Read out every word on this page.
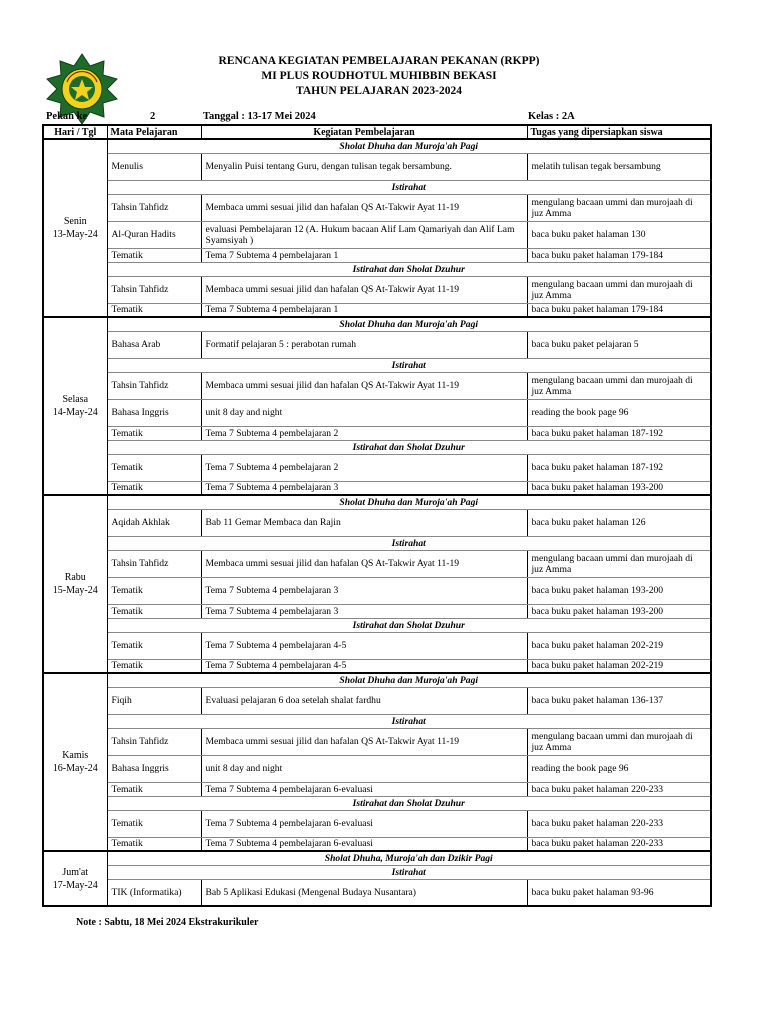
RENCANA KEGIATAN PEMBELAJARAN PEKANAN (RKPP)
MI PLUS ROUDHOTUL MUHIBBIN BEKASI
TAHUN PELAJARAN 2023-2024
Pekan ke	2	Tanggal : 13-17 Mei 2024	Kelas : 2A
Hari / Tgl	Mata Pelajaran	Kegiatan Pembelajaran	Tugas yang dipersiapkan siswa

Senin
13-May-24	Sholat Dhuha dan Muroja'ah Pagi		
	Menulis	Menyalin Puisi tentang Guru, dengan tulisan tegak bersambung.	melatih tulisan tegak bersambung
	Istirahat		
	Tahsin Tahfidz	Membaca ummi sesuai jilid dan hafalan QS At-Takwir Ayat 11-19	mengulang bacaan ummi dan murojaah di juz Amma
	Al-Quran Hadits	evaluasi Pembelajaran 12 (A. Hukum bacaan Alif Lam Qamariyah dan Alif Lam Syamsiyah )	baca buku paket halaman 130
	Tematik	Tema 7 Subtema 4 pembelajaran 1	baca buku paket halaman 179-184
	Istirahat dan Sholat Dzuhur		
	Tahsin Tahfidz	Membaca ummi sesuai jilid dan hafalan QS At-Takwir Ayat 11-19	mengulang bacaan ummi dan murojaah di juz Amma
	Tematik	Tema 7 Subtema 4 pembelajaran 1	baca buku paket halaman 179-184

Selasa
14-May-24	Sholat Dhuha dan Muroja'ah Pagi		
	Bahasa Arab	Formatif pelajaran 5 : perabotan rumah	baca buku paket pelajaran 5
	Istirahat		
	Tahsin Tahfidz	Membaca ummi sesuai jilid dan hafalan QS At-Takwir Ayat 11-19	mengulang bacaan ummi dan murojaah di juz Amma
	Bahasa Inggris	unit 8 day and night	reading the book page 96
	Tematik	Tema 7 Subtema 4 pembelajaran 2	baca buku paket halaman 187-192
	Istirahat dan Sholat Dzuhur		
	Tematik	Tema 7 Subtema 4 pembelajaran 2	baca buku paket halaman 187-192
	Tematik	Tema 7 Subtema 4 pembelajaran 3	baca buku paket halaman 193-200

Rabu
15-May-24	Sholat Dhuha dan Muroja'ah Pagi		
	Aqidah Akhlak	Bab 11 Gemar Membaca dan Rajin	baca buku paket halaman 126
	Istirahat		
	Tahsin Tahfidz	Membaca ummi sesuai jilid dan hafalan QS At-Takwir Ayat 11-19	mengulang bacaan ummi dan murojaah di juz Amma
	Tematik	Tema 7 Subtema 4 pembelajaran 3	baca buku paket halaman 193-200
	Tematik	Tema 7 Subtema 4 pembelajaran 3	baca buku paket halaman 193-200
	Istirahat dan Sholat Dzuhur		
	Tematik	Tema 7 Subtema 4 pembelajaran 4-5	baca buku paket halaman 202-219
	Tematik	Tema 7 Subtema 4 pembelajaran 4-5	baca buku paket halaman 202-219

Kamis
16-May-24	Sholat Dhuha dan Muroja'ah Pagi		
	Fiqih	Evaluasi pelajaran 6 doa setelah shalat fardhu	baca buku paket halaman 136-137
	Istirahat		
	Tahsin Tahfidz	Membaca ummi sesuai jilid dan hafalan QS At-Takwir Ayat 11-19	mengulang bacaan ummi dan murojaah di juz Amma
	Bahasa Inggris	unit 8 day and night	reading the book page 96
	Tematik	Tema 7 Subtema 4 pembelajaran 6-evaluasi	baca buku paket halaman 220-233
	Istirahat dan Sholat Dzuhur		
	Tematik	Tema 7 Subtema 4 pembelajaran 6-evaluasi	baca buku paket halaman 220-233
	Tematik	Tema 7 Subtema 4 pembelajaran 6-evaluasi	baca buku paket halaman 220-233

Jum'at
17-May-24	Sholat Dhuha, Muroja'ah dan Dzikir Pagi		
	Istirahat		
	TIK (Informatika)	Bab 5 Aplikasi Edukasi (Mengenal Budaya Nusantara)	baca buku paket halaman 93-96
Note : Sabtu, 18 Mei 2024 Ekstrakurikuler
